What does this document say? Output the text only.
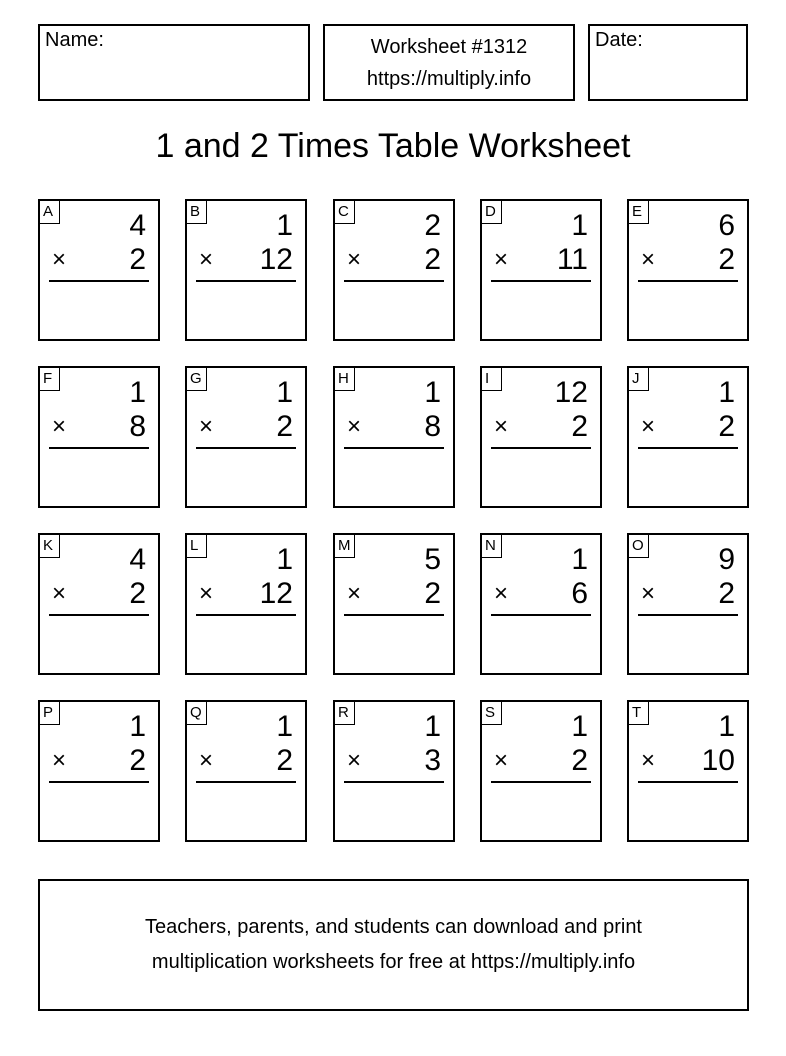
Name:	Worksheet #1312
https://multiply.info
Date:
1 and 2 Times Table Worksheet
A	4
× 2
B	1
× 12
C	2
× 2
D	1
× 11
E	6
× 2
F	1
× 8
G 1
× 2
H	1
× 8
I	12
× 2
J	1
× 2
K	4
× 2
L	1
× 12
M 5
× 2
N	1
× 6
O 9
× 2
P	1
× 2
Q 1
× 2
R	1
× 3
S	1
× 2
T	1
× 10
Teachers, parents, and students can download and print
multiplication worksheets for free at https://multiply.info
